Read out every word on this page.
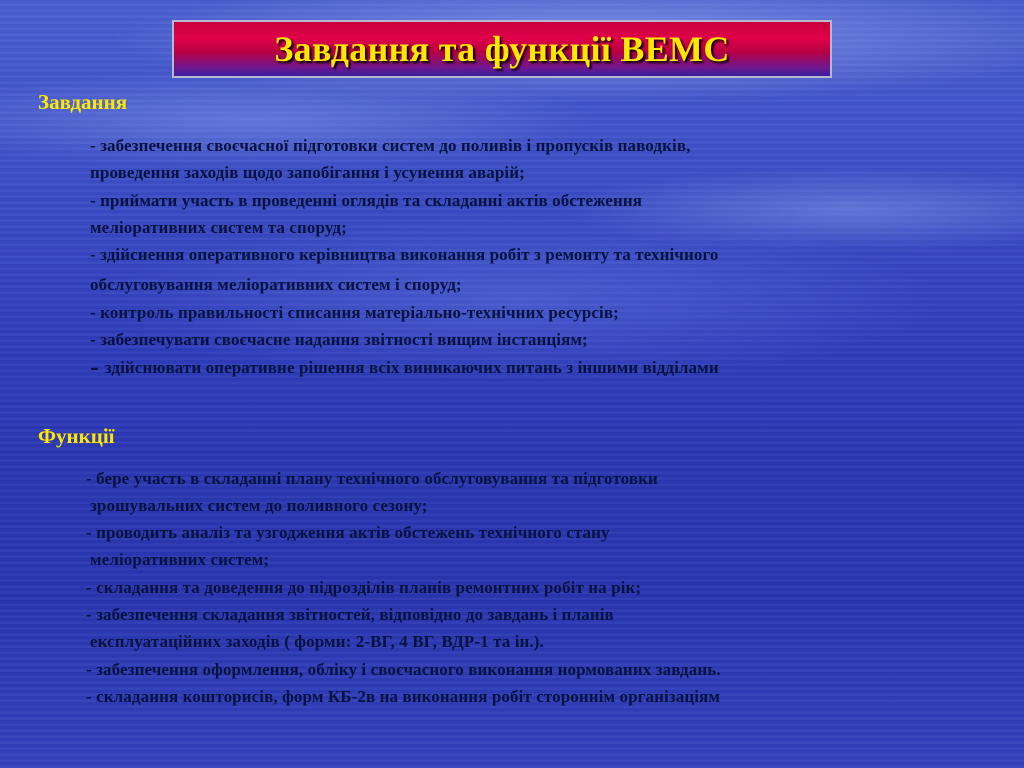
Завдання та функції ВЕМС
Завдання
- забезпечення своєчасної підготовки систем до поливів і пропусків паводків,
проведення заходів щодо запобігання і усунення аварій;
- приймати участь в проведенні оглядів та складанні актів обстеження
меліоративних систем та споруд;
- здійснення оперативного керівництва виконання робіт з ремонту та технічного
обслуговування меліоративних систем і споруд;
- контроль правильності списання матеріально-технічних ресурсів;
- забезпечувати своєчасне надання звітності вищим інстанціям;
- здійснювати оперативне рішення всіх виникаючих питань з іншими відділами
Функції
- бере участь в складанні плану технічного обслуговування та підготовки
зрошувальних систем до поливного сезону;
- проводить аналіз та узгодження актів обстежень технічного стану
меліоративних систем;
- складання та доведення до підрозділів планів ремонтних робіт на рік;
- забезпечення складання звітностей, відповідно до завдань і планів
експлуатаційних заходів ( форми: 2-ВГ, 4 ВГ, ВДР-1 та ін.).
- забезпечення оформлення, обліку і своєчасного виконання нормованих завдань.
- складання кошторисів, форм КБ-2в на виконання робіт стороннім організаціям
